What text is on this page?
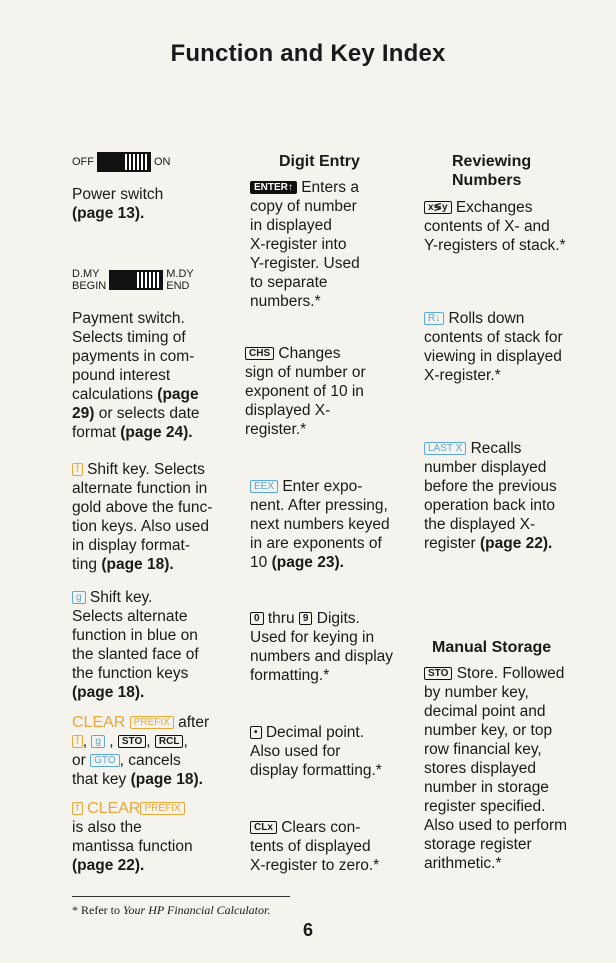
Function and Key Index
OFF	ON
Power switch
(page 13).
D.MY
BEGIN
M.DY
END
Payment switch.
Selects timing of
payments in com-
pound interest
calculations (page
29) or selects date
format (page 24).
f Shift key. Selects
alternate function in
gold above the func-
tion keys. Also used
in display format-
ting (page 18).
g Shift key.
Selects alternate
function in blue on
the slanted face of
the function keys
(page 18).
CLEAR PREFIX after
f , g , STO , RCL ,
or GTO , cancels
that key (page 18).
f CLEAR PREFIX
is also the
mantissa function
(page 22).
Digit Entry
ENTER↑ Enters a
copy of number
in displayed
X-register into
Y-register. Used
to separate
numbers.*
CHS Changes
sign of number or
exponent of 10 in
displayed X-
register.*
EEX Enter expo-
nent. After pressing,
next numbers keyed
in are exponents of
10 (page 23).
0 thru 9 Digits.
Used for keying in
numbers and display
formatting.*
• Decimal point.
Also used for
display formatting.*
CLx Clears con-
tents of displayed
X-register to zero.*
Reviewing
Numbers
x≶y Exchanges
contents of X- and
Y-registers of stack.*
R↓ Rolls down
contents of stack for
viewing in displayed
X-register.*
LAST X Recalls
number displayed
before the previous
operation back into
the displayed X-
register (page 22).
Manual Storage
STO Store. Followed
by number key,
decimal point and
number key, or top
row financial key,
stores displayed
number in storage
register specified.
Also used to perform
storage register
arithmetic.*
* Refer to Your HP Financial Calculator.
6
